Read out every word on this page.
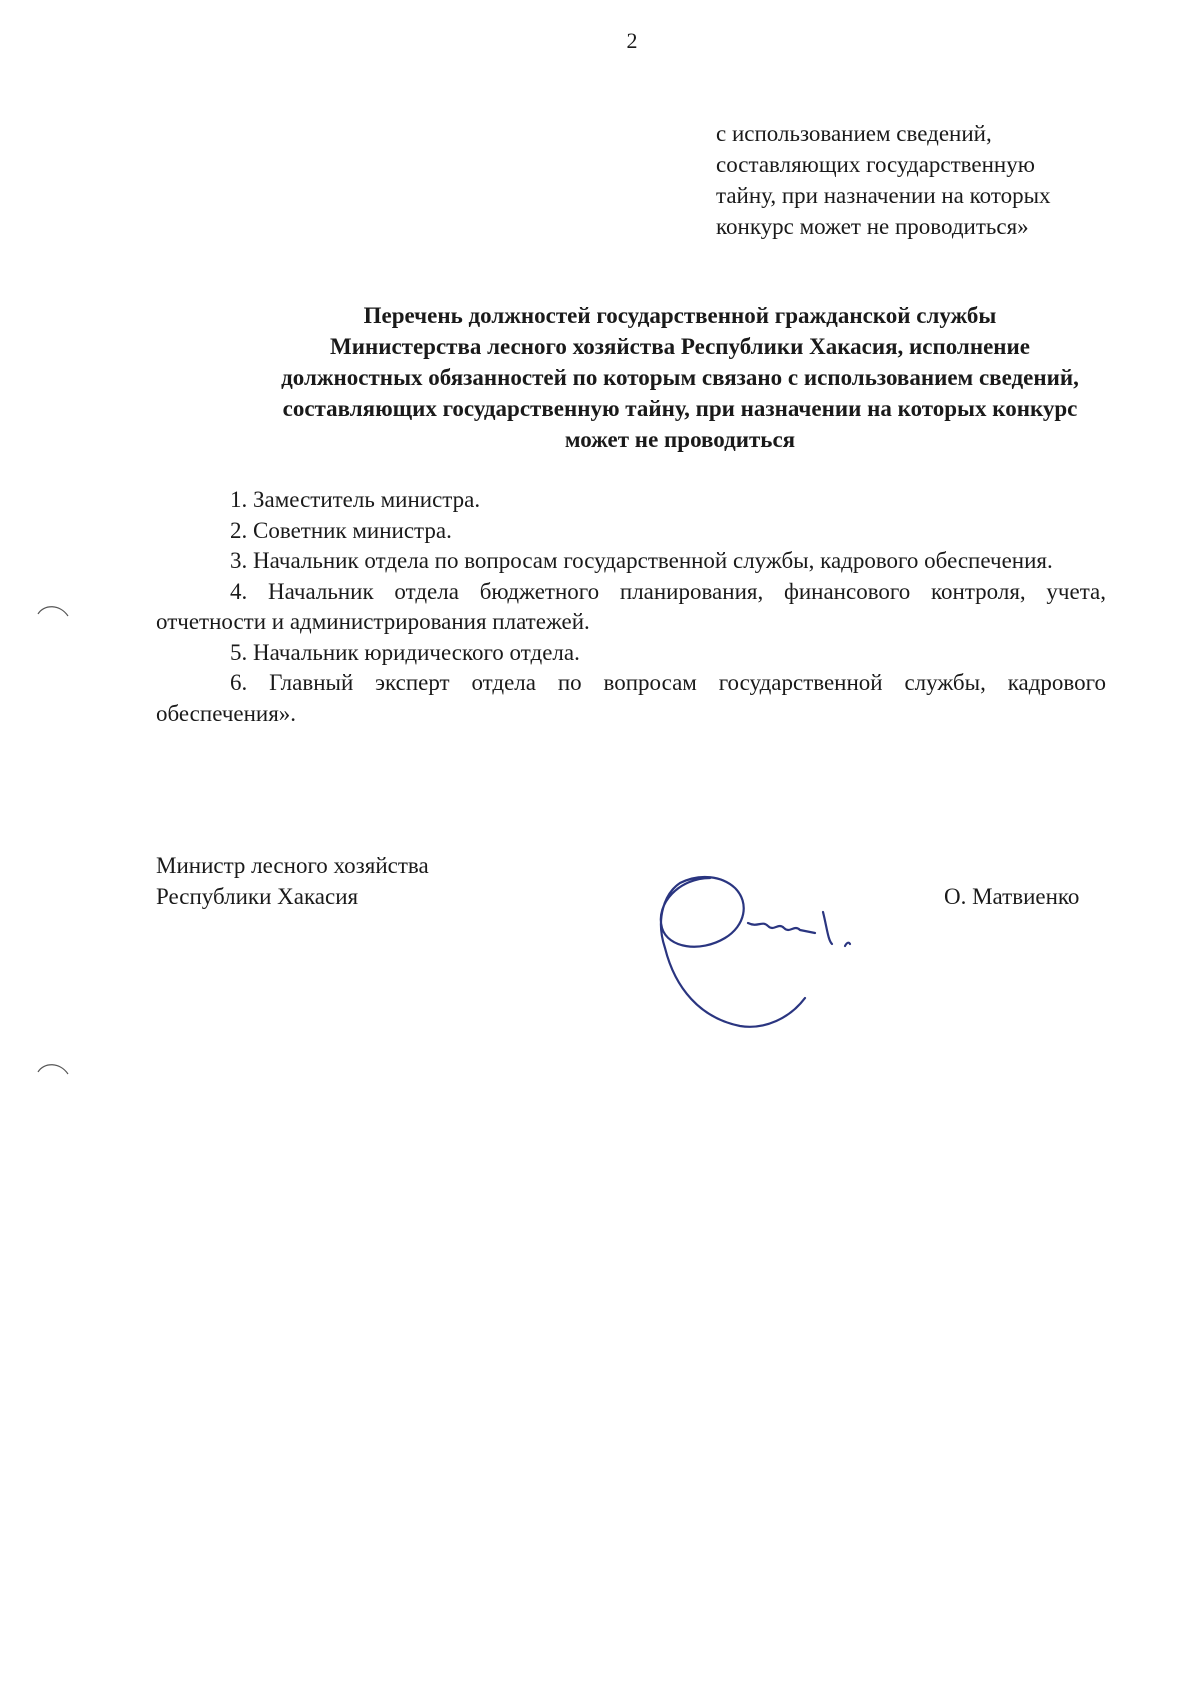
2
с использованием сведений,
составляющих государственную
тайну, при назначении на которых
конкурс может не проводиться»
Перечень должностей государственной гражданской службы
Министерства лесного хозяйства Республики Хакасия, исполнение
должностных обязанностей по которым связано с использованием сведений,
составляющих государственную тайну, при назначении на которых конкурс
может не проводиться

1. Заместитель министра.

2. Советник министра.

3. Начальник отдела по вопросам государственной службы, кадрового обеспечения.

4. Начальник отдела бюджетного планирования, финансового контроля, учета, отчетности и администрирования платежей.

5. Начальник юридического отдела.

6. Главный эксперт отдела по вопросам государственной службы, кадрового обеспечения».

Министр лесного хозяйства
Республики Хакасия	О. Матвиенко
